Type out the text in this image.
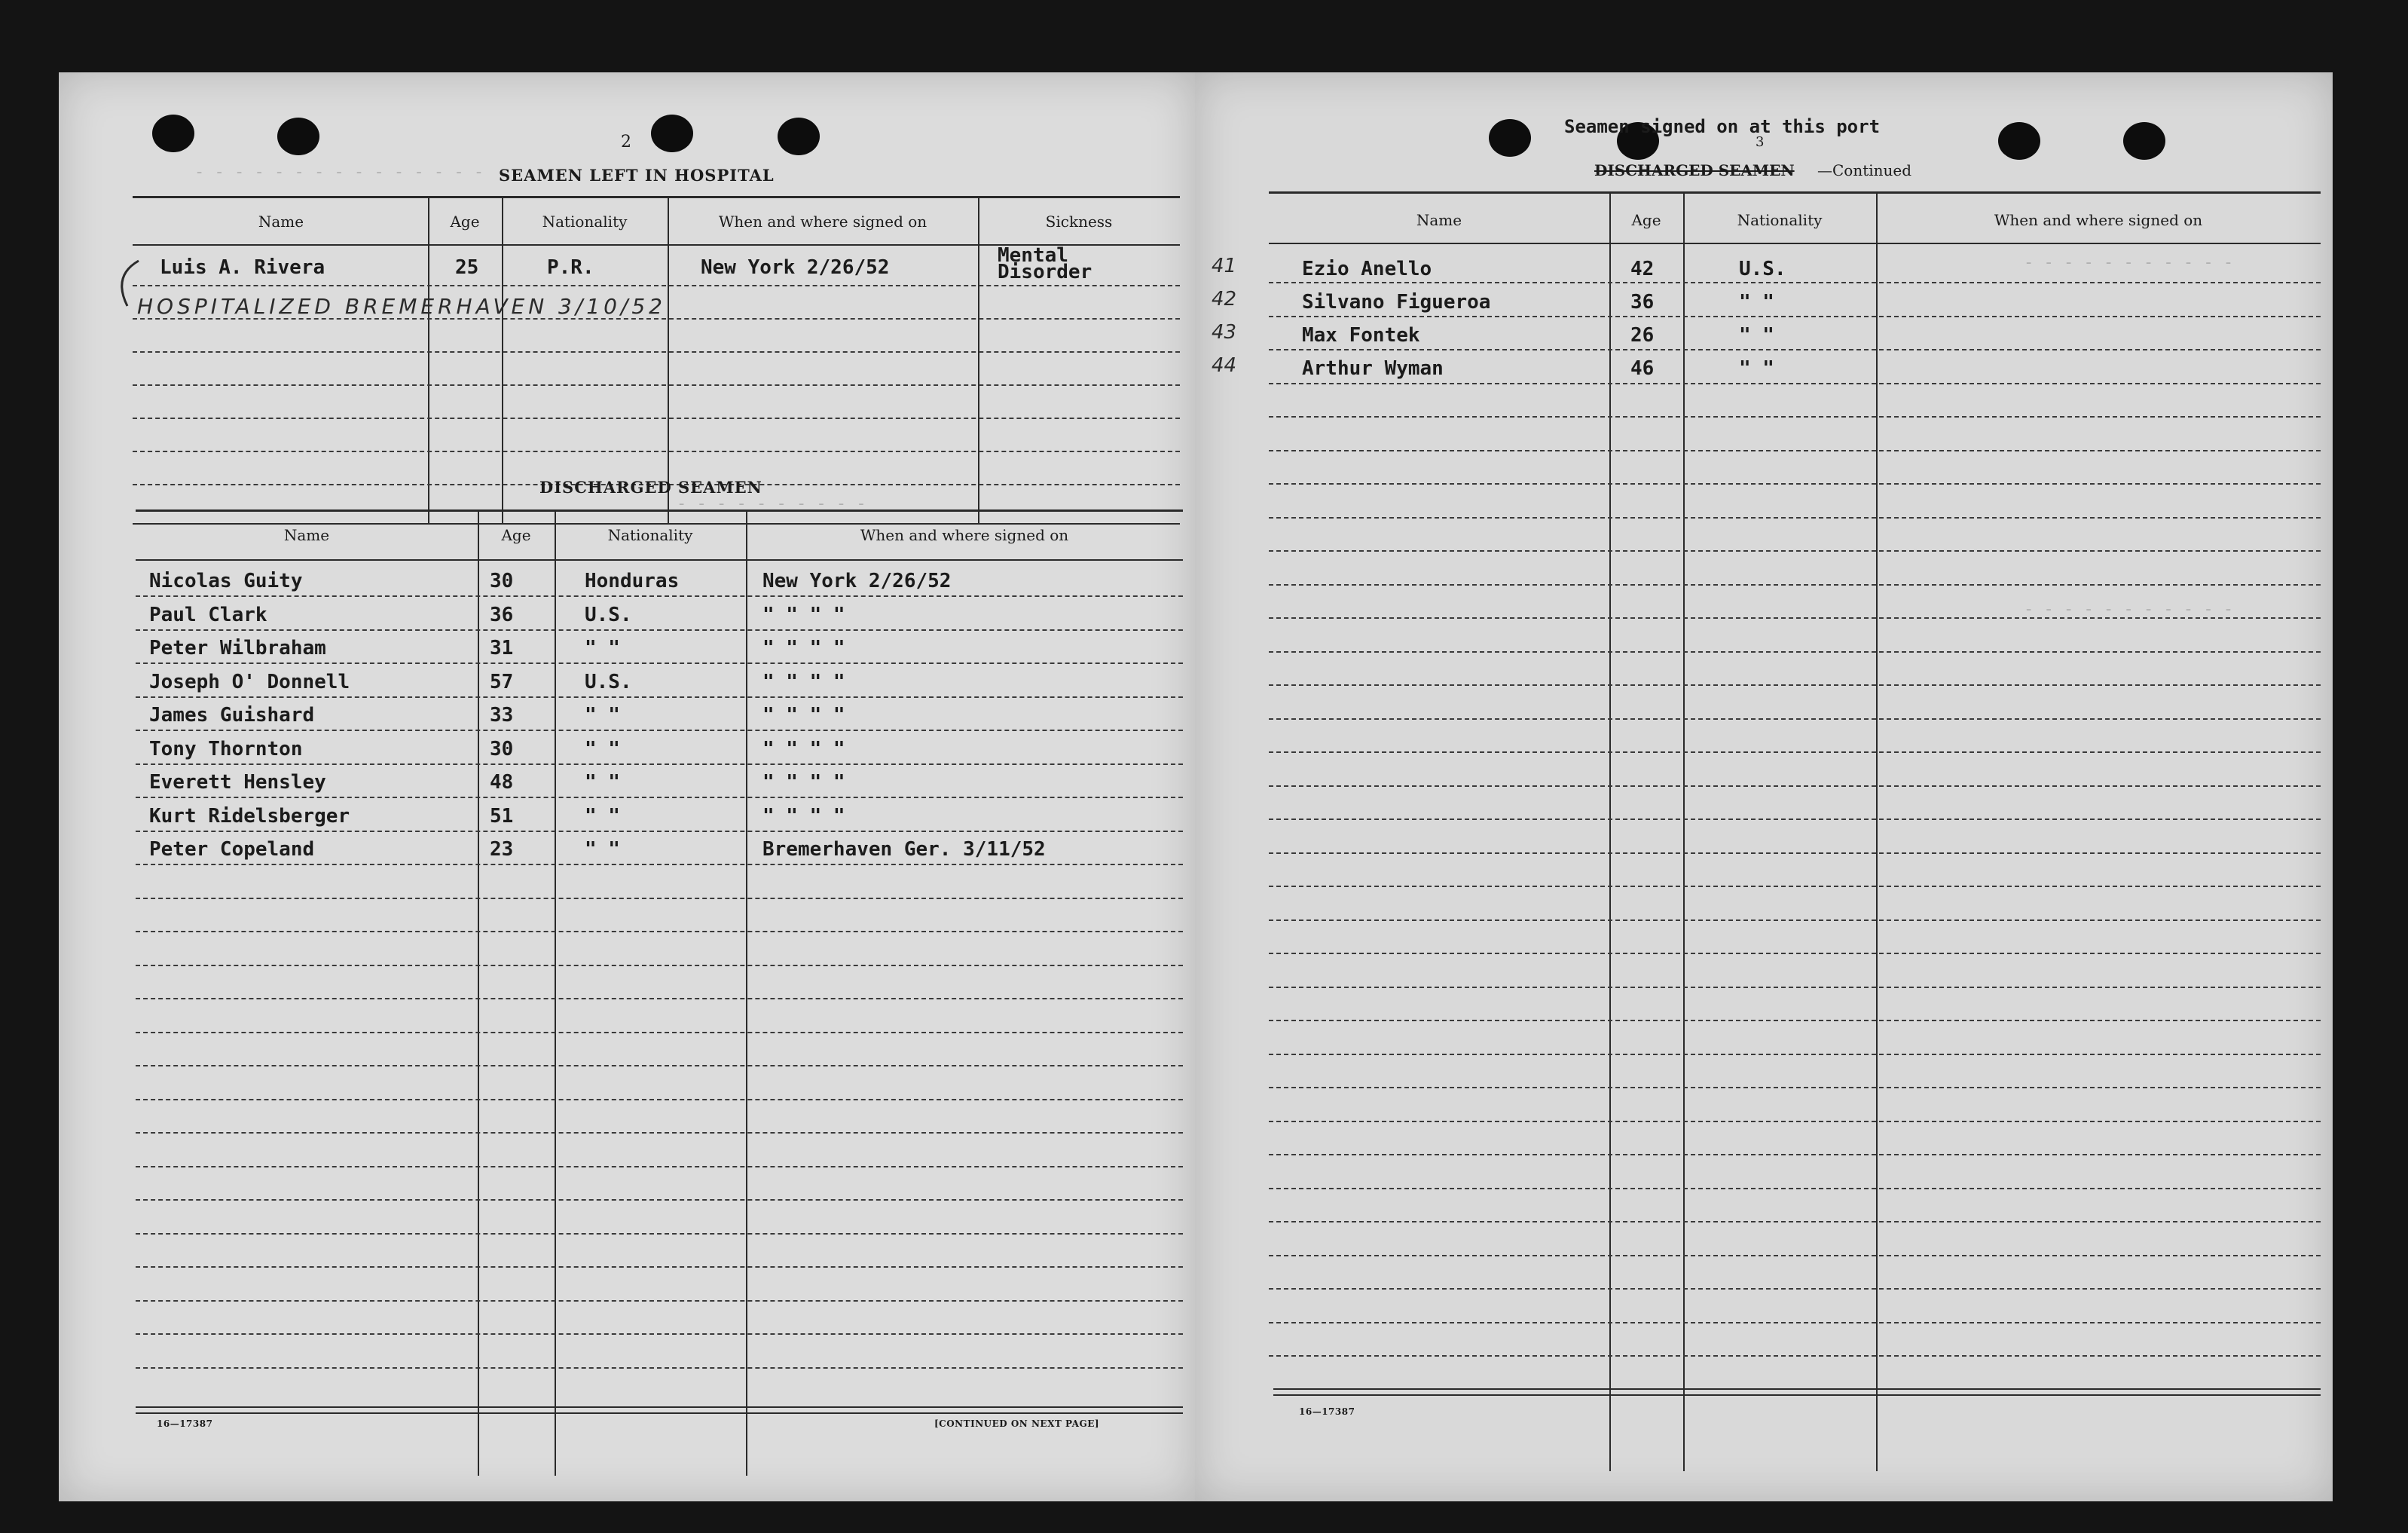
- - - - - - - - - - - - - - -
- - - - - - - - - -
2
SEAMEN LEFT IN HOSPITAL
Name	Age	Nationality	When and where signed on	Sickness
Luis A. Rivera	25	P.R.	New York 2/26/52
Mental Disorder
HOSPITALIZED BREMERHAVEN 3/10/52
DISCHARGED SEAMEN
Name	Age	Nationality	When and where signed on
Nicolas Guity	30	Honduras	New York 2/26/52
Paul Clark	36	U.S.	" " " "
Peter Wilbraham	31	" "	" " " "
Joseph O' Donnell	57	U.S.	" " " "
James Guishard	33	" "	" " " "
Tony Thornton	30	" "	" " " "
Everett Hensley	48	" "	" " " "
Kurt Ridelsberger	51	" "	" " " "
Peter Copeland	23	" "	Bremerhaven Ger. 3/11/52
16—17387	[CONTINUED ON NEXT PAGE]
- - - - - - - - - - -
- - - - - - - - - - -
Seamen signed on at this port
3
DISCHARGED SEAMEN —Continued
Name	Age	Nationality	When and where signed on
41	Ezio Anello	42	U.S.
42	Silvano Figueroa	36	" "
43	Max Fontek	26	" "
44	Arthur Wyman	46	" "
16—17387
